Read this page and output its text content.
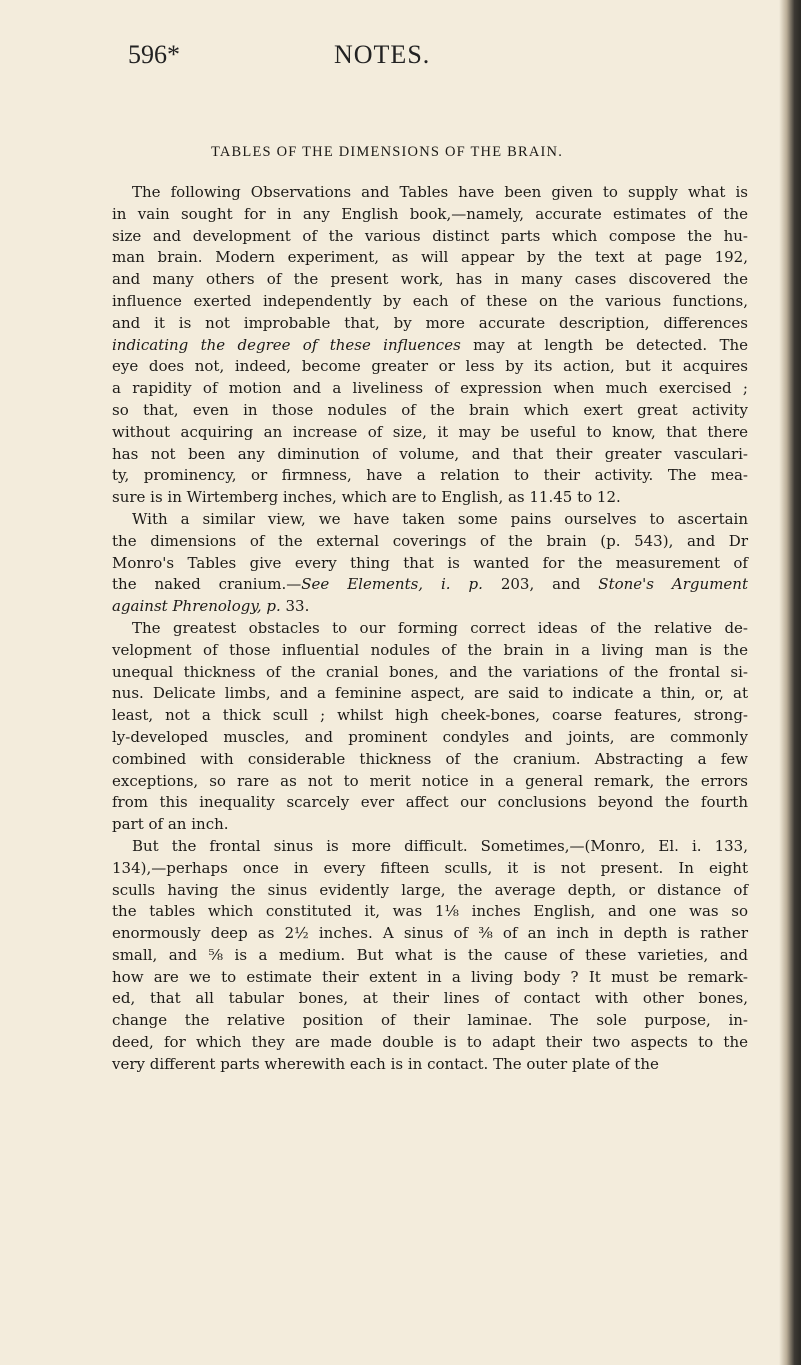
596*	NOTES.
TABLES OF THE DIMENSIONS OF THE BRAIN.

The following Observations and Tables have been given to supply what is
in vain sought for in any English book,—namely, accurate estimates of the
size and development of the various distinct parts which compose the hu-
man brain. Modern experiment, as will appear by the text at page 192,
and many others of the present work, has in many cases discovered the
influence exerted independently by each of these on the various functions,
and it is not improbable that, by more accurate description, differences
indicating the degree of these influences may at length be detected. The
eye does not, indeed, become greater or less by its action, but it acquires
a rapidity of motion and a liveliness of expression when much exercised ;
so that, even in those nodules of the brain which exert great activity
without acquiring an increase of size, it may be useful to know, that there
has not been any diminution of volume, and that their greater vasculari-
ty, prominency, or firmness, have a relation to their activity. The mea-
sure is in Wirtemberg inches, which are to English, as 11.45 to 12.

With a similar view, we have taken some pains ourselves to ascertain
the dimensions of the external coverings of the brain (p. 543), and Dr
Monro's Tables give every thing that is wanted for the measurement of
the naked cranium.—See Elements, i. p. 203, and Stone's Argument
against Phrenology, p. 33.

The greatest obstacles to our forming correct ideas of the relative de-
velopment of those influential nodules of the brain in a living man is the
unequal thickness of the cranial bones, and the variations of the frontal si-
nus. Delicate limbs, and a feminine aspect, are said to indicate a thin, or, at
least, not a thick scull ; whilst high cheek-bones, coarse features, strong-
ly-developed muscles, and prominent condyles and joints, are commonly
combined with considerable thickness of the cranium. Abstracting a few
exceptions, so rare as not to merit notice in a general remark, the errors
from this inequality scarcely ever affect our conclusions beyond the fourth
part of an inch.

But the frontal sinus is more difficult. Sometimes,—(Monro, El. i. 133,
134),—perhaps once in every fifteen sculls, it is not present. In eight
sculls having the sinus evidently large, the average depth, or distance of
the tables which constituted it, was 1⅛ inches English, and one was so
enormously deep as 2½ inches. A sinus of ⅜ of an inch in depth is rather
small, and ⅝ is a medium. But what is the cause of these varieties, and
how are we to estimate their extent in a living body ? It must be remark-
ed, that all tabular bones, at their lines of contact with other bones,
change the relative position of their laminae. The sole purpose, in-
deed, for which they are made double is to adapt their two aspects to the
very different parts wherewith each is in contact. The outer plate of the
